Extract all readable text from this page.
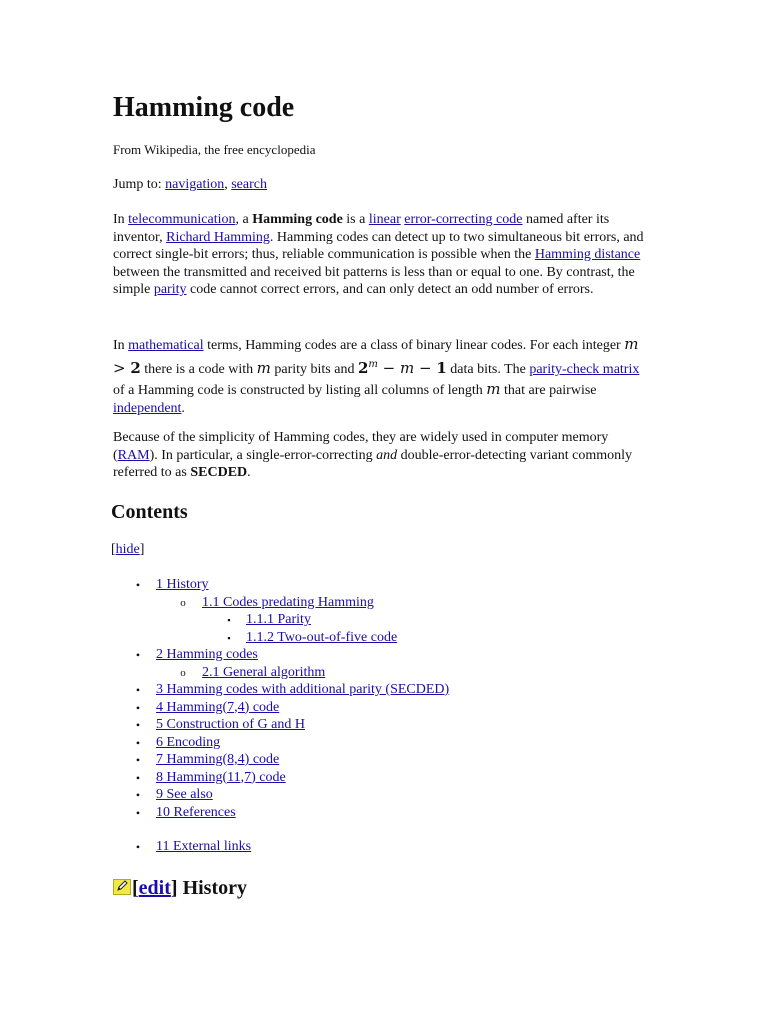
Hamming code

From Wikipedia, the free encyclopedia

Jump to: navigation, search

In telecommunication, a Hamming code is a linear error-correcting code named after its inventor, Richard Hamming. Hamming codes can detect up to two simultaneous bit errors, and correct single-bit errors; thus, reliable communication is possible when the Hamming distance between the transmitted and received bit patterns is less than or equal to one. By contrast, the simple parity code cannot correct errors, and can only detect an odd number of errors.

In mathematical terms, Hamming codes are a class of binary linear codes. For each integer m > 2 there is a code with m parity bits and $2^m - m - 1$ data bits. The parity-check matrix of a Hamming code is constructed by listing all columns of length m that are pairwise independent.

Because of the simplicity of Hamming codes, they are widely used in computer memory (RAM). In particular, a single-error-correcting and double-error-detecting variant commonly referred to as SECDED.

Contents

[hide]

•	1 History
o	1.1 Codes predating Hamming
▪	1.1.1 Parity
▪	1.1.2 Two-out-of-five code
•	2 Hamming codes
o	2.1 General algorithm
•	3 Hamming codes with additional parity (SECDED)
•	4 Hamming(7,4) code
•	5 Construction of G and H
•	6 Encoding
•	7 Hamming(8,4) code
•	8 Hamming(11,7) code
•	9 See also
•	10 References
•	11 External links
[edit] History
